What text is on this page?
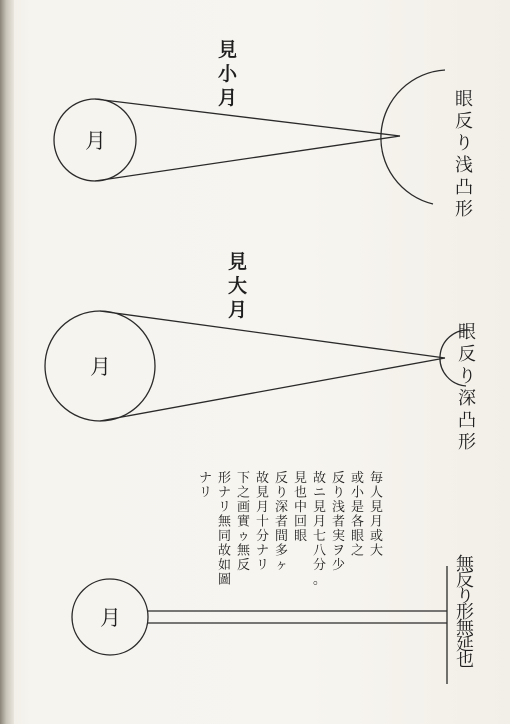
月
見
小
月	眼
反
り
浅
凸
形
月
見
大
月
眼
反
り
深
凸
形
月
無
反
り
形
無
延
也
毎
人
見
月
或
大
或
小
是
各
眼
之
反
り
浅
者
実
ヲ
少
故
ニ
見
月
七
八
分
。
見
也
中
回
眼
反
り
深
者
間
多
ヶ
故
見
月
十
分
ナ
リ
下
之
画
實
ゥ
無
反
形
ナ
リ
無
同
故
如
圖
ナ
リ
